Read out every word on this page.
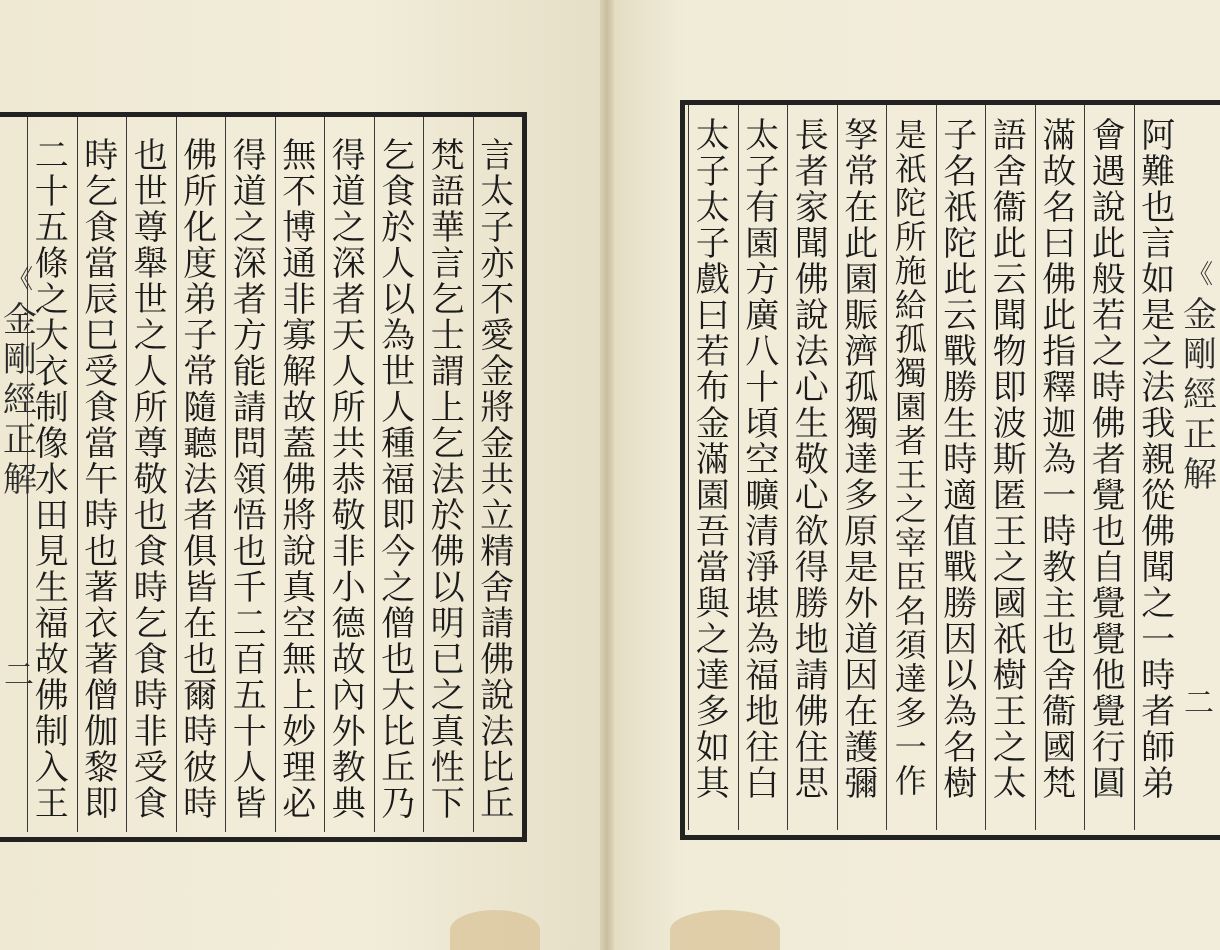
言
太
子
亦
不
愛
金
將
金
共
立
精
舍
請
佛
說
法
比
丘
梵
語
華
言
乞
士
謂
上
乞
法
於
佛
以
明
已
之
真
性
下
乞
食
於
人
以
為
世
人
種
福
即
今
之
僧
也
大
比
丘
乃
得
道
之
深
者
天
人
所
共
恭
敬
非
小
德
故
內
外
教
典
無
不
博
通
非
寡
解
故
蓋
佛
將
說
真
空
無
上
妙
理
必
得
道
之
深
者
方
能
請
問
領
悟
也
千
二
百
五
十
人
皆
佛
所
化
度
弟
子
常
隨
聽
法
者
俱
皆
在
也
爾
時
彼
時
也
世
尊
舉
世
之
人
所
尊
敬
也
食
時
乞
食
時
非
受
食
時
乞
食
當
辰
巳
受
食
當
午
時
也
著
衣
著
僧
伽
黎
即
二
十
五
條
之
大
衣
制
像
水
田
見
生
福
故
佛
制
入
王
阿
難
也
言
如
是
之
法
我
親
從
佛
聞
之
一
時
者
師
弟
會
遇
說
此
般
若
之
時
佛
者
覺
也
自
覺
覺
他
覺
行
圓
滿
故
名
曰
佛
此
指
釋
迦
為
一
時
教
主
也
舍
衞
國
梵
語
舍
衞
此
云
聞
物
即
波
斯
匿
王
之
國
祇
樹
王
之
太
子
名
祇
陀
此
云
戰
勝
生
時
適
值
戰
勝
因
以
為
名
樹
是
祇
陀
所
施
給
孤
獨
園
者
王
之
宰
臣
名
須
達
多
一
作
孥
常
在
此
園
賑
濟
孤
獨
達
多
原
是
外
道
因
在
護
彌
長
者
家
聞
佛
說
法
心
生
敬
心
欲
得
勝
地
請
佛
住
思
太
子
有
園
方
廣
八
十
頃
空
曠
清
淨
堪
為
福
地
往
白
太
子
太
子
戲
曰
若
布
金
滿
園
吾
當
與
之
達
多
如
其
《
金
剛
經
正
解
《
金
剛
經
正
解
二
二
